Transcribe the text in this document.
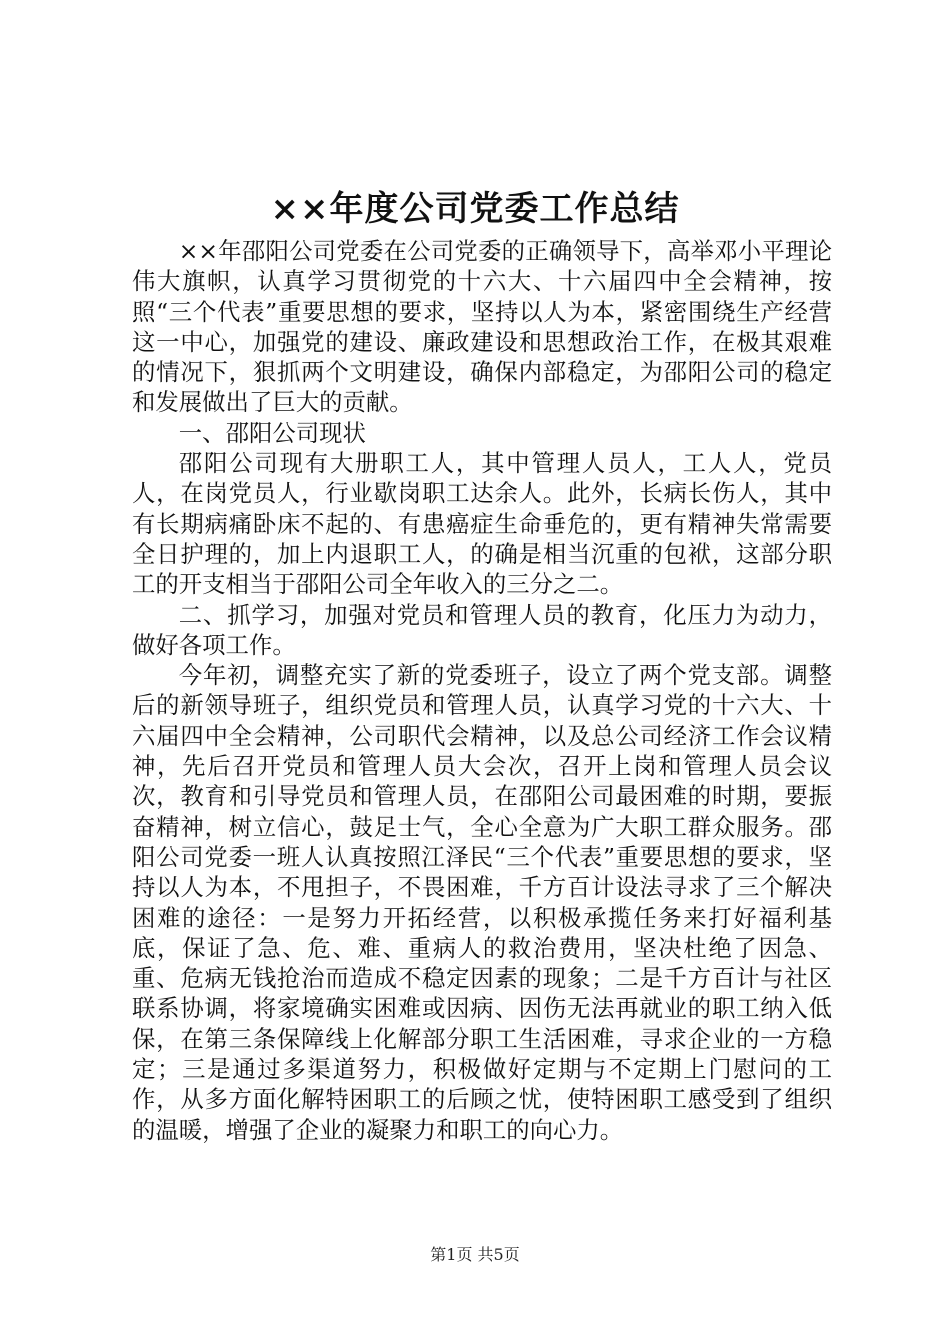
××年度公司党委工作总结

××年邵阳公司党委在公司党委的正确领导下，高举邓小平理论伟大旗帜，认真学习贯彻党的十六大、十六届四中全会精神，按照“三个代表”重要思想的要求，坚持以人为本，紧密围绕生产经营这一中心，加强党的建设、廉政建设和思想政治工作，在极其艰难的情况下，狠抓两个文明建设，确保内部稳定，为邵阳公司的稳定和发展做出了巨大的贡献。

一、邵阳公司现状

邵阳公司现有大册职工人，其中管理人员人，工人人，党员人，在岗党员人，行业歇岗职工达余人。此外，长病长伤人，其中有长期病痛卧床不起的、有患癌症生命垂危的，更有精神失常需要全日护理的，加上内退职工人，的确是相当沉重的包袱，这部分职工的开支相当于邵阳公司全年收入的三分之二。

二、抓学习，加强对党员和管理人员的教育，化压力为动力，做好各项工作。

今年初，调整充实了新的党委班子，设立了两个党支部。调整后的新领导班子，组织党员和管理人员，认真学习党的十六大、十六届四中全会精神，公司职代会精神，以及总公司经济工作会议精神，先后召开党员和管理人员大会次，召开上岗和管理人员会议次，教育和引导党员和管理人员，在邵阳公司最困难的时期，要振奋精神，树立信心，鼓足士气，全心全意为广大职工群众服务。邵阳公司党委一班人认真按照江泽民“三个代表”重要思想的要求，坚持以人为本，不甩担子，不畏困难，千方百计设法寻求了三个解决困难的途径：一是努力开拓经营，以积极承揽任务来打好福利基底，保证了急、危、难、重病人的救治费用，坚决杜绝了因急、重、危病无钱抢治而造成不稳定因素的现象；二是千方百计与社区联系协调，将家境确实困难或因病、因伤无法再就业的职工纳入低保，在第三条保障线上化解部分职工生活困难，寻求企业的一方稳定；三是通过多渠道努力，积极做好定期与不定期上门慰问的工作，从多方面化解特困职工的后顾之忧，使特困职工感受到了组织的温暖，增强了企业的凝聚力和职工的向心力。

第1页 共5页
